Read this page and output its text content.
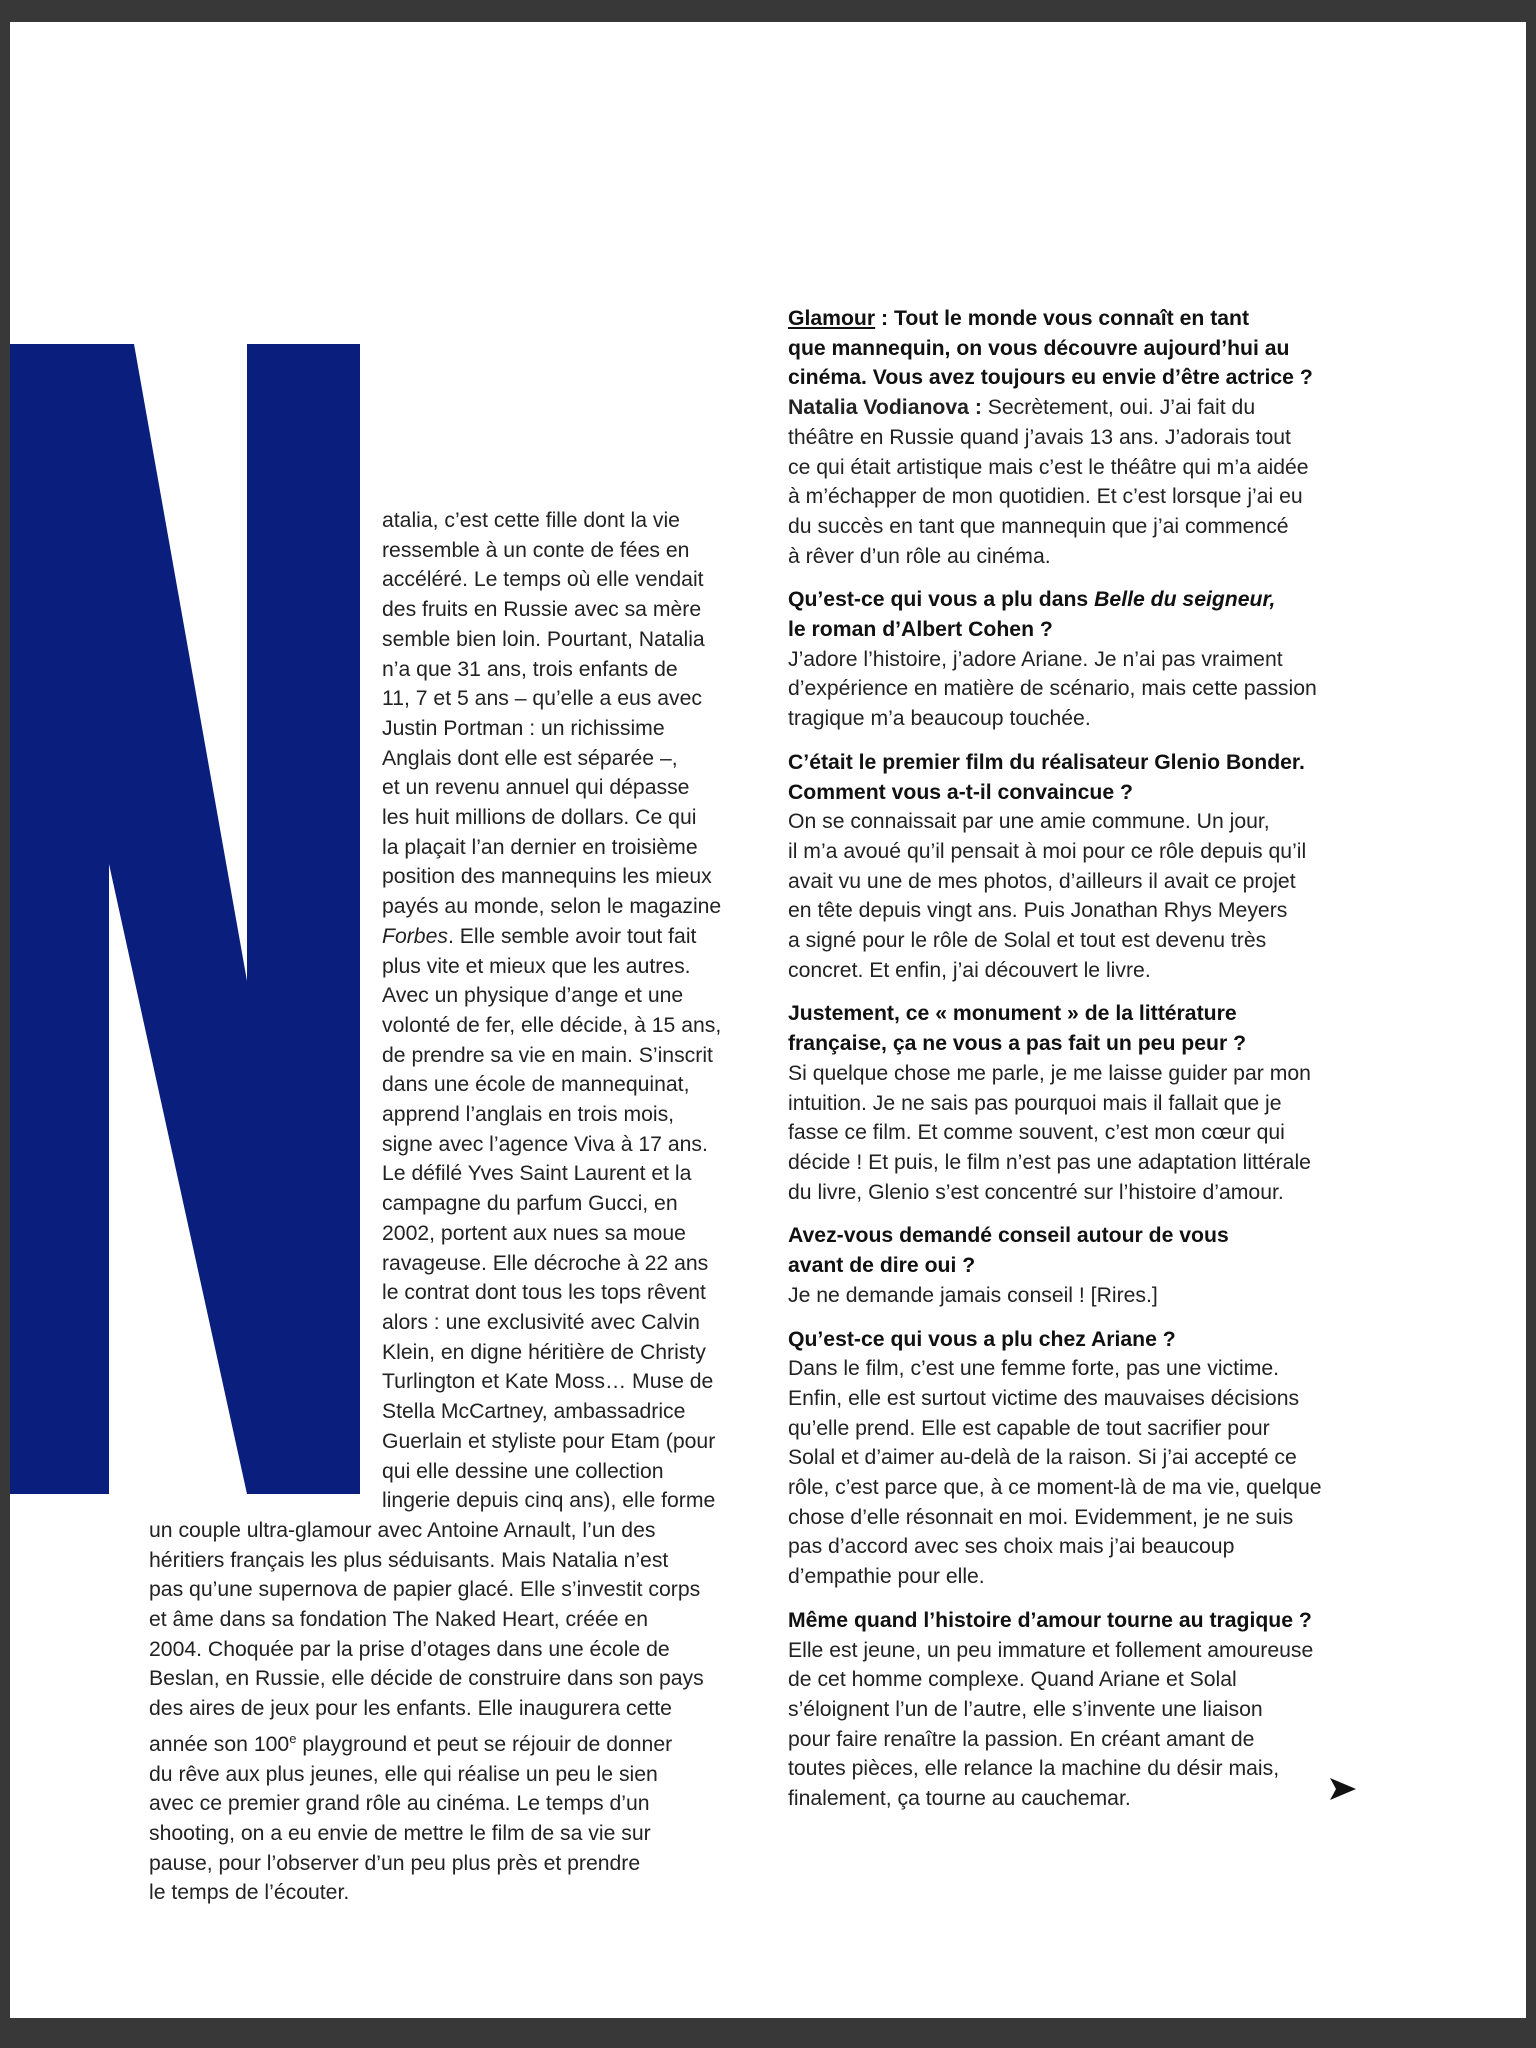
atalia, c’est cette fille dont la vie
ressemble à un conte de fées en
accéléré. Le temps où elle vendait
des fruits en Russie avec sa mère
semble bien loin. Pourtant, Natalia
n’a que 31 ans, trois enfants de
11, 7 et 5 ans – qu’elle a eus avec
Justin Portman : un richissime
Anglais dont elle est séparée –,
et un revenu annuel qui dépasse
les huit millions de dollars. Ce qui
la plaçait l’an dernier en troisième
position des mannequins les mieux
payés au monde, selon le magazine
Forbes. Elle semble avoir tout fait
plus vite et mieux que les autres.
Avec un physique d’ange et une
volonté de fer, elle décide, à 15 ans,
de prendre sa vie en main. S’inscrit
dans une école de mannequinat,
apprend l’anglais en trois mois,
signe avec l’agence Viva à 17 ans.
Le défilé Yves Saint Laurent et la
campagne du parfum Gucci, en
2002, portent aux nues sa moue
ravageuse. Elle décroche à 22 ans
le contrat dont tous les tops rêvent
alors : une exclusivité avec Calvin
Klein, en digne héritière de Christy
Turlington et Kate Moss… Muse de
Stella McCartney, ambassadrice
Guerlain et styliste pour Etam (pour
qui elle dessine une collection
lingerie depuis cinq ans), elle forme
un couple ultra-glamour avec Antoine Arnault, l’un des
héritiers français les plus séduisants. Mais Natalia n’est
pas qu’une supernova de papier glacé. Elle s’investit corps
et âme dans sa fondation The Naked Heart, créée en
2004. Choquée par la prise d’otages dans une école de
Beslan, en Russie, elle décide de construire dans son pays
des aires de jeux pour les enfants. Elle inaugurera cette
année son 100e playground et peut se réjouir de donner
du rêve aux plus jeunes, elle qui réalise un peu le sien
avec ce premier grand rôle au cinéma. Le temps d’un
shooting, on a eu envie de mettre le film de sa vie sur
pause, pour l’observer d’un peu plus près et prendre
le temps de l’écouter.
Glamour : Tout le monde vous connaît en tant
que mannequin, on vous découvre aujourd’hui au
cinéma. Vous avez toujours eu envie d’être actrice ?
Natalia Vodianova : Secrètement, oui. J’ai fait du
théâtre en Russie quand j’avais 13 ans. J’adorais tout
ce qui était artistique mais c’est le théâtre qui m’a aidée
à m’échapper de mon quotidien. Et c’est lorsque j’ai eu
du succès en tant que mannequin que j’ai commencé
à rêver d’un rôle au cinéma.
Qu’est-ce qui vous a plu dans Belle du seigneur,
le roman d’Albert Cohen ?
J’adore l’histoire, j’adore Ariane. Je n’ai pas vraiment
d’expérience en matière de scénario, mais cette passion
tragique m’a beaucoup touchée.
C’était le premier film du réalisateur Glenio Bonder.
Comment vous a-t-il convaincue ?
On se connaissait par une amie commune. Un jour,
il m’a avoué qu’il pensait à moi pour ce rôle depuis qu’il
avait vu une de mes photos, d’ailleurs il avait ce projet
en tête depuis vingt ans. Puis Jonathan Rhys Meyers
a signé pour le rôle de Solal et tout est devenu très
concret. Et enfin, j’ai découvert le livre.
Justement, ce « monument » de la littérature
française, ça ne vous a pas fait un peu peur ?
Si quelque chose me parle, je me laisse guider par mon
intuition. Je ne sais pas pourquoi mais il fallait que je
fasse ce film. Et comme souvent, c’est mon cœur qui
décide ! Et puis, le film n’est pas une adaptation littérale
du livre, Glenio s’est concentré sur l’histoire d’amour.
Avez-vous demandé conseil autour de vous
avant de dire oui ?
Je ne demande jamais conseil ! [Rires.]
Qu’est-ce qui vous a plu chez Ariane ?
Dans le film, c’est une femme forte, pas une victime.
Enfin, elle est surtout victime des mauvaises décisions
qu’elle prend. Elle est capable de tout sacrifier pour
Solal et d’aimer au-delà de la raison. Si j’ai accepté ce
rôle, c’est parce que, à ce moment-là de ma vie, quelque
chose d’elle résonnait en moi. Evidemment, je ne suis
pas d’accord avec ses choix mais j’ai beaucoup
d’empathie pour elle.
Même quand l’histoire d’amour tourne au tragique ?
Elle est jeune, un peu immature et follement amoureuse
de cet homme complexe. Quand Ariane et Solal
s’éloignent l’un de l’autre, elle s’invente une liaison
pour faire renaître la passion. En créant amant de
toutes pièces, elle relance la machine du désir mais,
finalement, ça tourne au cauchemar.
